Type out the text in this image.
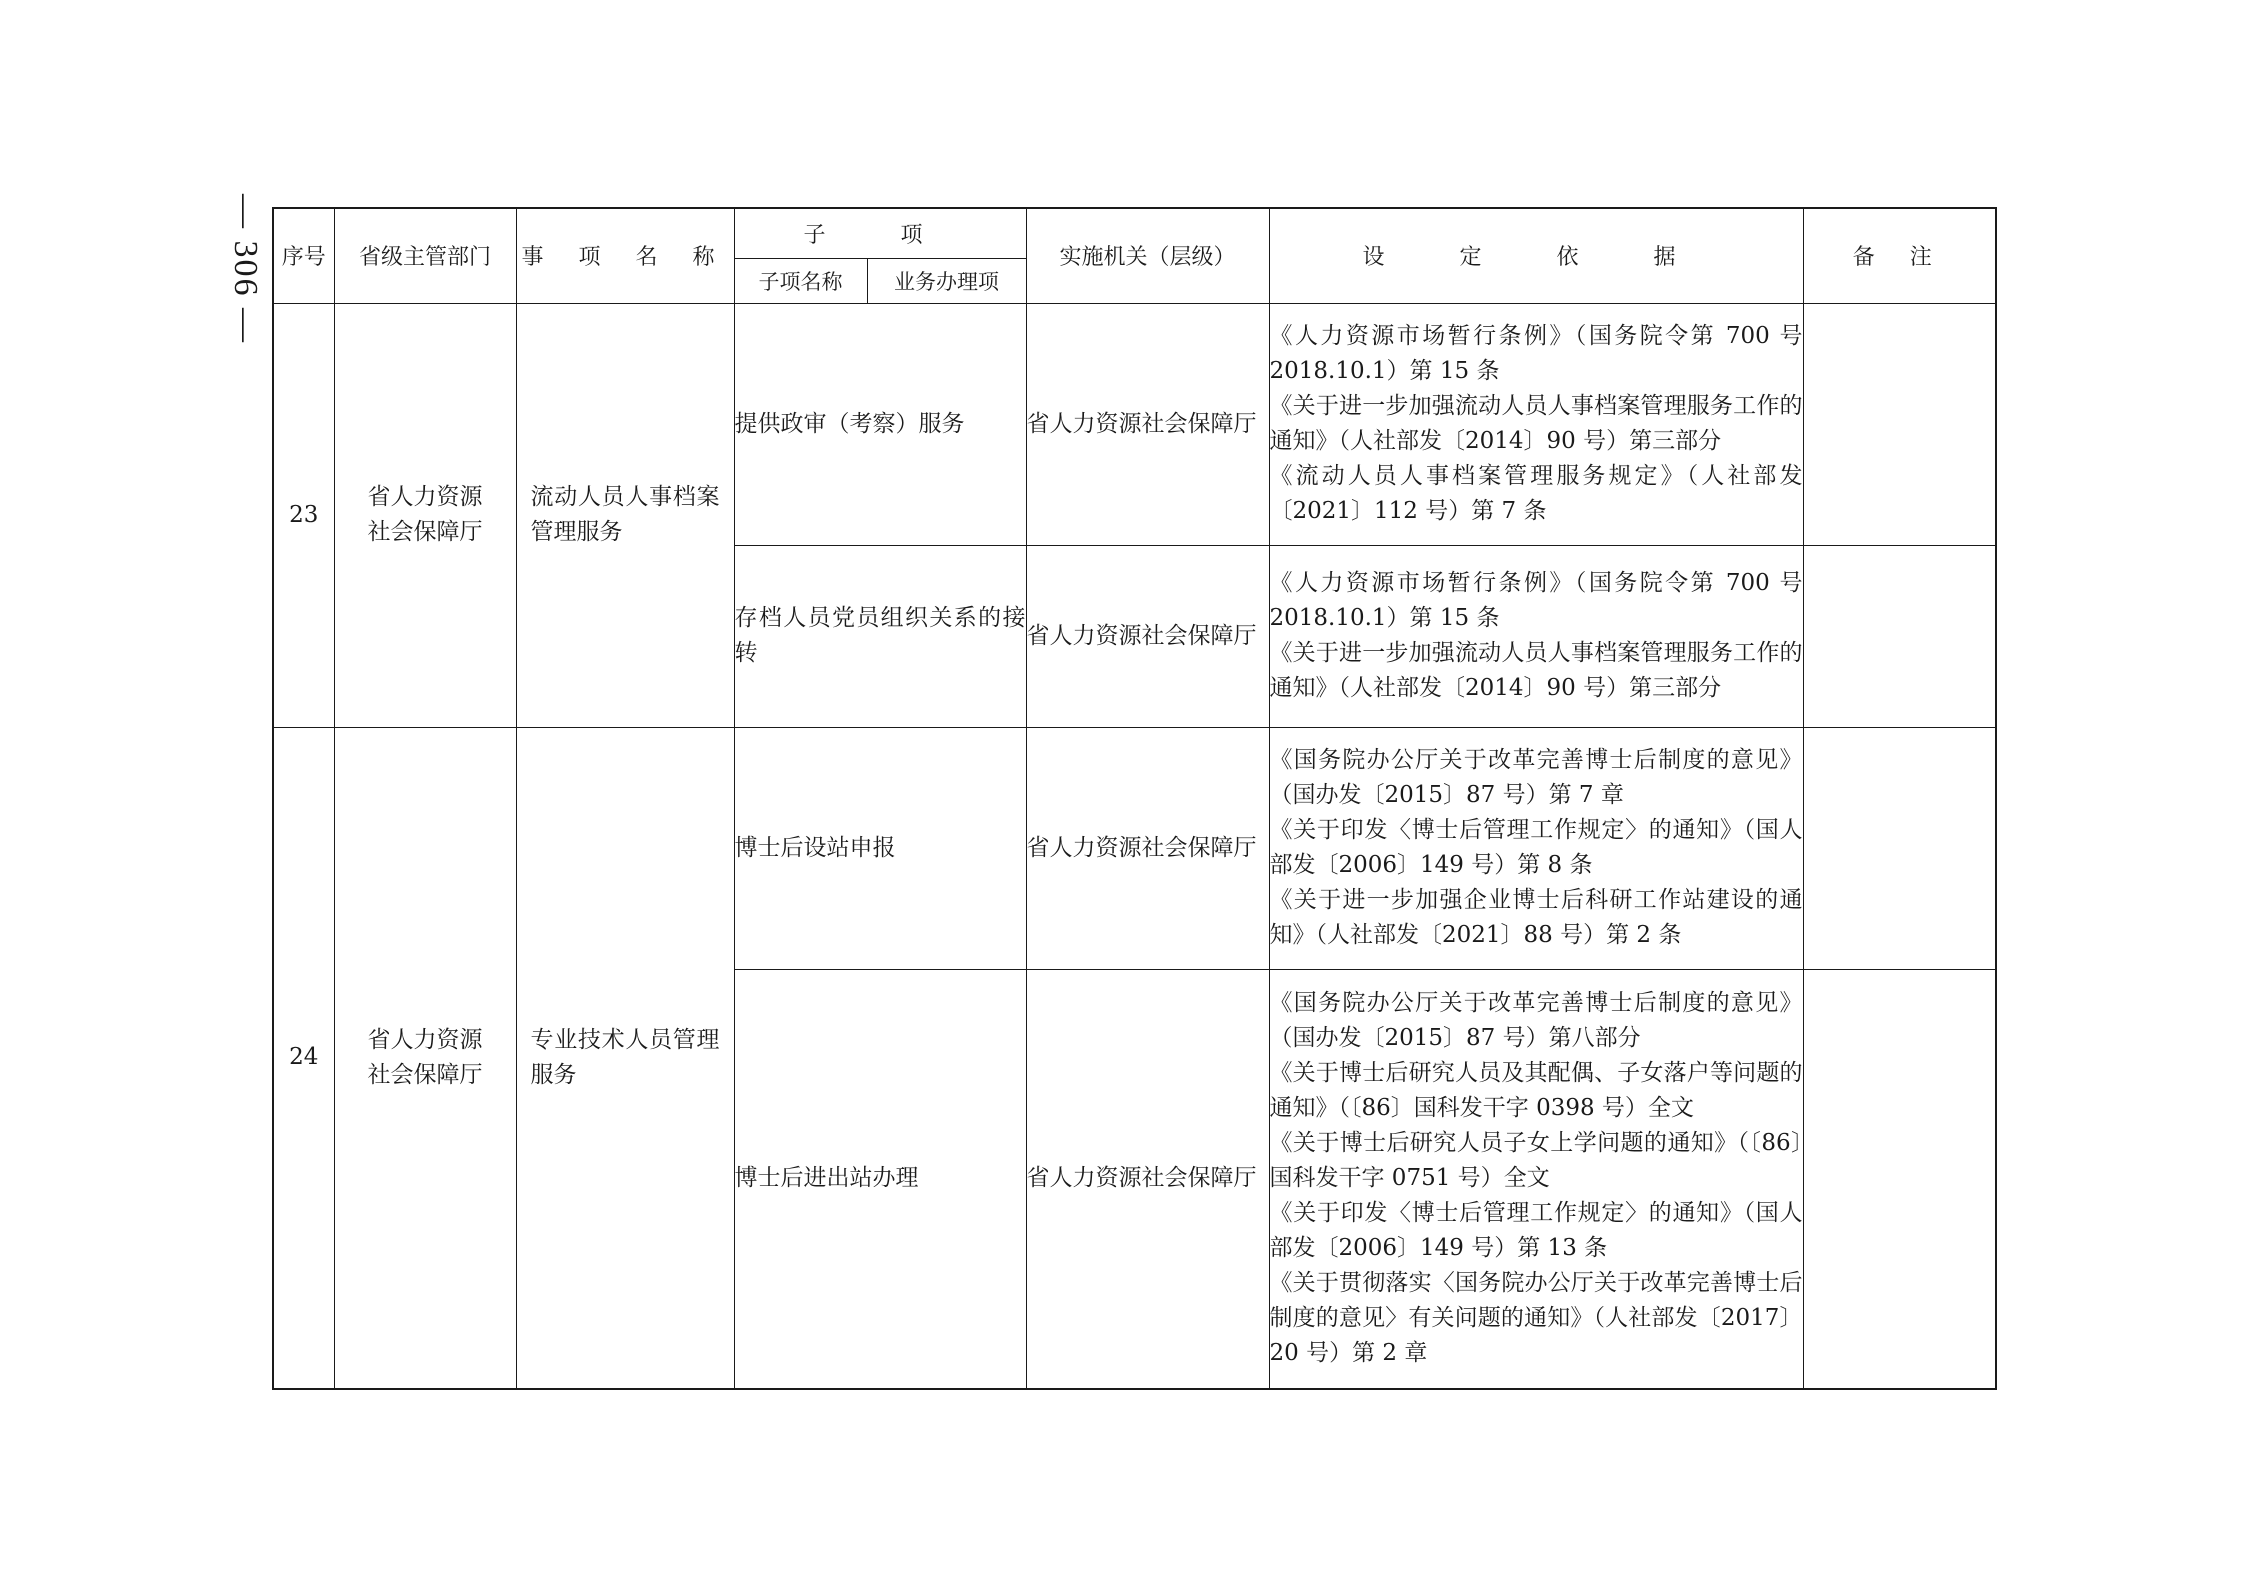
— 306 — 序号	省级主管部门	事 项 名 称	子 项		实施机关（层级）	设 定 依 据	备 注
			子项名称	业务办理项			
23	省人力资源社会保障厅	流动人员人事档案管理服务	提供政审（考察）服务		省人力资源社会保障厅	《人力资源市场暂行条例》（国务院令第 700 号 2018.10.1）第 15 条
《关于进一步加强流动人员人事档案管理服务工作的通知》（人社部发〔2014〕90 号）第三部分
《流动人员人事档案管理服务规定》（人社部发〔2021〕112 号）第 7 条	

			存档人员党员组织关系的接转		省人力资源社会保障厅	《人力资源市场暂行条例》（国务院令第 700 号 2018.10.1）第 15 条
《关于进一步加强流动人员人事档案管理服务工作的通知》（人社部发〔2014〕90 号）第三部分	

24	省人力资源社会保障厅	专业技术人员管理服务	博士后设站申报		省人力资源社会保障厅	《国务院办公厅关于改革完善博士后制度的意见》（国办发〔2015〕87 号）第 7 章
《关于印发〈博士后管理工作规定〉的通知》（国人部发〔2006〕149 号）第 8 条
《关于进一步加强企业博士后科研工作站建设的通知》（人社部发〔2021〕88 号）第 2 条	

			博士后进出站办理		省人力资源社会保障厅	《国务院办公厅关于改革完善博士后制度的意见》（国办发〔2015〕87 号）第八部分
《关于博士后研究人员及其配偶、子女落户等问题的通知》（〔86〕国科发干字 0398 号）全文
《关于博士后研究人员子女上学问题的通知》（〔86〕国科发干字 0751 号）全文
《关于印发〈博士后管理工作规定〉的通知》（国人部发〔2006〕149 号）第 13 条
《关于贯彻落实〈国务院办公厅关于改革完善博士后制度的意见〉有关问题的通知》（人社部发〔2017〕20 号）第 2 章	
